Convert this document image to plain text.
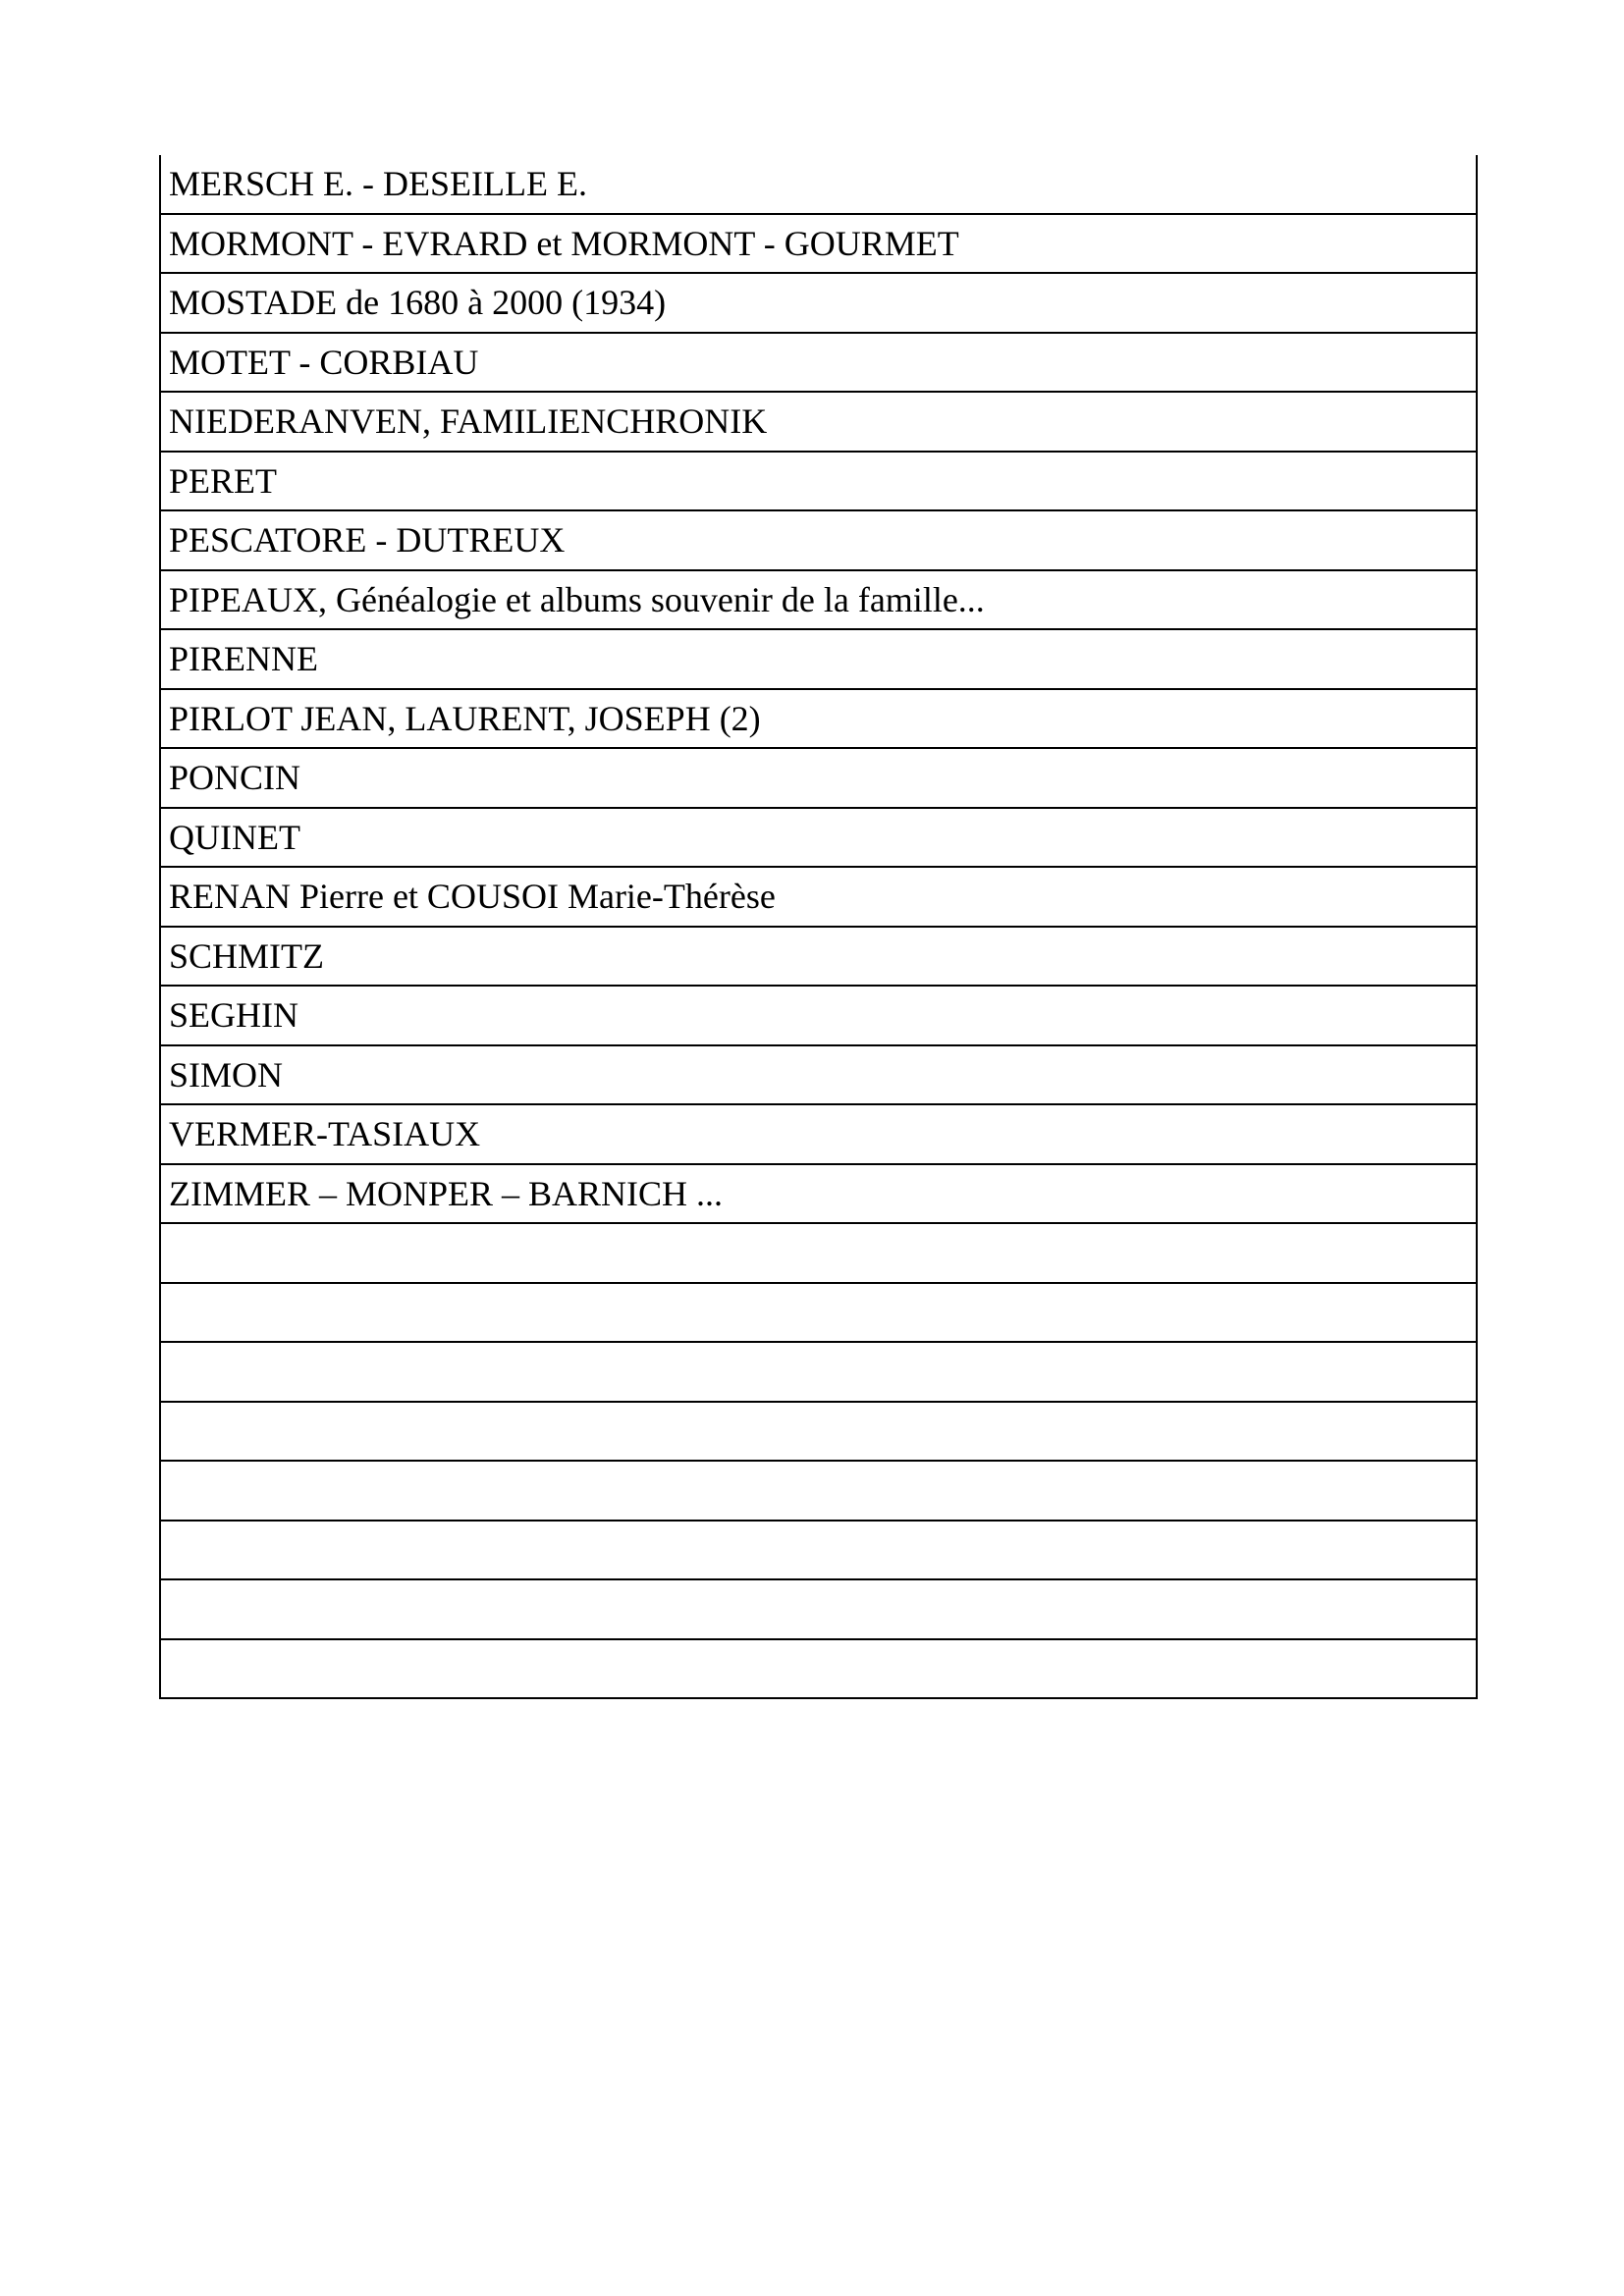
MERSCH E. - DESEILLE E.
MORMONT - EVRARD et MORMONT - GOURMET
MOSTADE de 1680 à 2000 (1934)
MOTET - CORBIAU
NIEDERANVEN, FAMILIENCHRONIK
PERET
PESCATORE - DUTREUX
PIPEAUX, Généalogie et albums souvenir de la famille...
PIRENNE
PIRLOT JEAN, LAURENT, JOSEPH (2)
PONCIN
QUINET
RENAN Pierre et COUSOI Marie-Thérèse
SCHMITZ
SEGHIN
SIMON
VERMER-TASIAUX
ZIMMER – MONPER – BARNICH ...
